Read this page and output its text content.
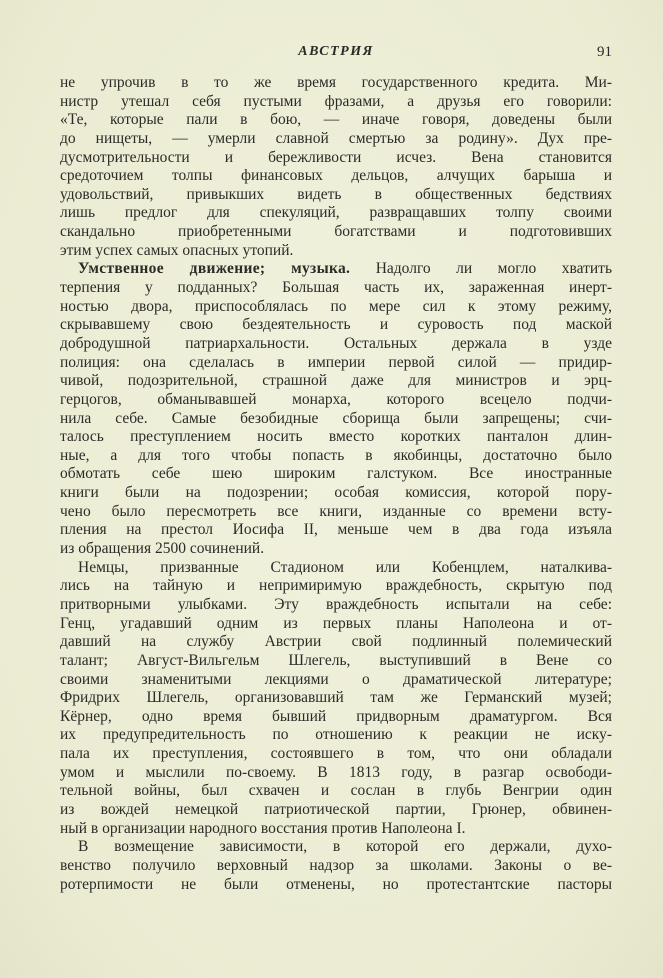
АВСТРИЯ	91
не упрочив в то же время государственного кредита. Ми-
нистр утешал себя пустыми фразами, а друзья его говорили:
«Те, которые пали в бою, — иначе говоря, доведены были
до нищеты, — умерли славной смертью за родину». Дух пре-
дусмотрительности и бережливости исчез. Вена становится
средоточием толпы финансовых дельцов, алчущих барыша и
удовольствий, привыкших видеть в общественных бедствиях
лишь предлог для спекуляций, развращавших толпу своими
скандально приобретенными богатствами и подготовивших
этим успех самых опасных утопий.
Умственное движение; музыка. Надолго ли могло хватить
терпения у подданных? Большая часть их, зараженная инерт-
ностью двора, приспособлялась по мере сил к этому режиму,
скрывавшему свою бездеятельность и суровость под маской
добродушной патриархальности. Остальных держала в узде
полиция: она сделалась в империи первой силой — придир-
чивой, подозрительной, страшной даже для министров и эрц-
герцогов, обманывавшей монарха, которого всецело подчи-
нила себе. Самые безобидные сборища были запрещены; счи-
талось преступлением носить вместо коротких панталон длин-
ные, а для того чтобы попасть в якобинцы, достаточно было
обмотать себе шею широким галстуком. Все иностранные
книги были на подозрении; особая комиссия, которой пору-
чено было пересмотреть все книги, изданные со времени всту-
пления на престол Иосифа II, меньше чем в два года изъяла
из обращения 2500 сочинений.
Немцы, призванные Стадионом или Кобенцлем, наталкива-
лись на тайную и непримиримую враждебность, скрытую под
притворными улыбками. Эту враждебность испытали на себе:
Генц, угадавший одним из первых планы Наполеона и от-
давший на службу Австрии свой подлинный полемический
талант; Август-Вильгельм Шлегель, выступивший в Вене со
своими знаменитыми лекциями о драматической литературе;
Фридрих Шлегель, организовавший там же Германский музей;
Кёрнер, одно время бывший придворным драматургом. Вся
их предупредительность по отношению к реакции не иску-
пала их преступления, состоявшего в том, что они обладали
умом и мыслили по-своему. В 1813 году, в разгар освободи-
тельной войны, был схвачен и сослан в глубь Венгрии один
из вождей немецкой патриотической партии, Грюнер, обвинен-
ный в организации народного восстания против Наполеона I.
В возмещение зависимости, в которой его держали, духо-
венство получило верховный надзор за школами. Законы о ве-
ротерпимости не были отменены, но протестантские пасторы
